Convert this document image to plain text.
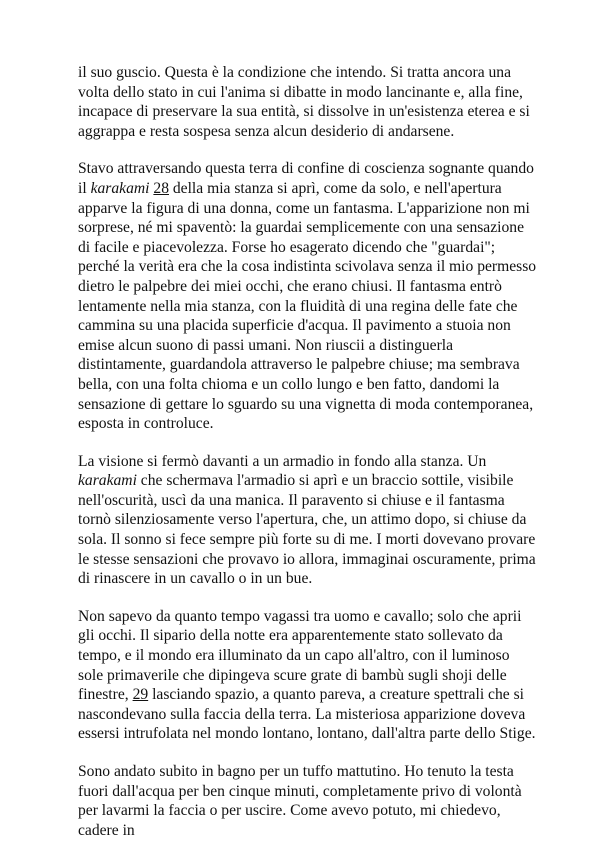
il suo guscio. Questa è la condizione che intendo. Si tratta ancora una volta dello stato in cui l'anima si dibatte in modo lancinante e, alla fine, incapace di preservare la sua entità, si dissolve in un'esistenza eterea e si aggrappa e resta sospesa senza alcun desiderio di andarsene.

Stavo attraversando questa terra di confine di coscienza sognante quando il karakami 28 della mia stanza si aprì, come da solo, e nell'apertura apparve la figura di una donna, come un fantasma. L'apparizione non mi sorprese, né mi spaventò: la guardai semplicemente con una sensazione di facile e piacevolezza. Forse ho esagerato dicendo che "guardai"; perché la verità era che la cosa indistinta scivolava senza il mio permesso dietro le palpebre dei miei occhi, che erano chiusi. Il fantasma entrò lentamente nella mia stanza, con la fluidità di una regina delle fate che cammina su una placida superficie d'acqua. Il pavimento a stuoia non emise alcun suono di passi umani. Non riuscii a distinguerla distintamente, guardandola attraverso le palpebre chiuse; ma sembrava bella, con una folta chioma e un collo lungo e ben fatto, dandomi la sensazione di gettare lo sguardo su una vignetta di moda contemporanea, esposta in controluce.

La visione si fermò davanti a un armadio in fondo alla stanza. Un karakami che schermava l'armadio si aprì e un braccio sottile, visibile nell'oscurità, uscì da una manica. Il paravento si chiuse e il fantasma tornò silenziosamente verso l'apertura, che, un attimo dopo, si chiuse da sola. Il sonno si fece sempre più forte su di me. I morti dovevano provare le stesse sensazioni che provavo io allora, immaginai oscuramente, prima di rinascere in un cavallo o in un bue.

Non sapevo da quanto tempo vagassi tra uomo e cavallo; solo che aprii gli occhi. Il sipario della notte era apparentemente stato sollevato da tempo, e il mondo era illuminato da un capo all'altro, con il luminoso sole primaverile che dipingeva scure grate di bambù sugli shoji delle finestre, 29 lasciando spazio, a quanto pareva, a creature spettrali che si nascondevano sulla faccia della terra. La misteriosa apparizione doveva essersi intrufolata nel mondo lontano, lontano, dall'altra parte dello Stige.

Sono andato subito in bagno per un tuffo mattutino. Ho tenuto la testa fuori dall'acqua per ben cinque minuti, completamente privo di volontà per lavarmi la faccia o per uscire. Come avevo potuto, mi chiedevo, cadere in
